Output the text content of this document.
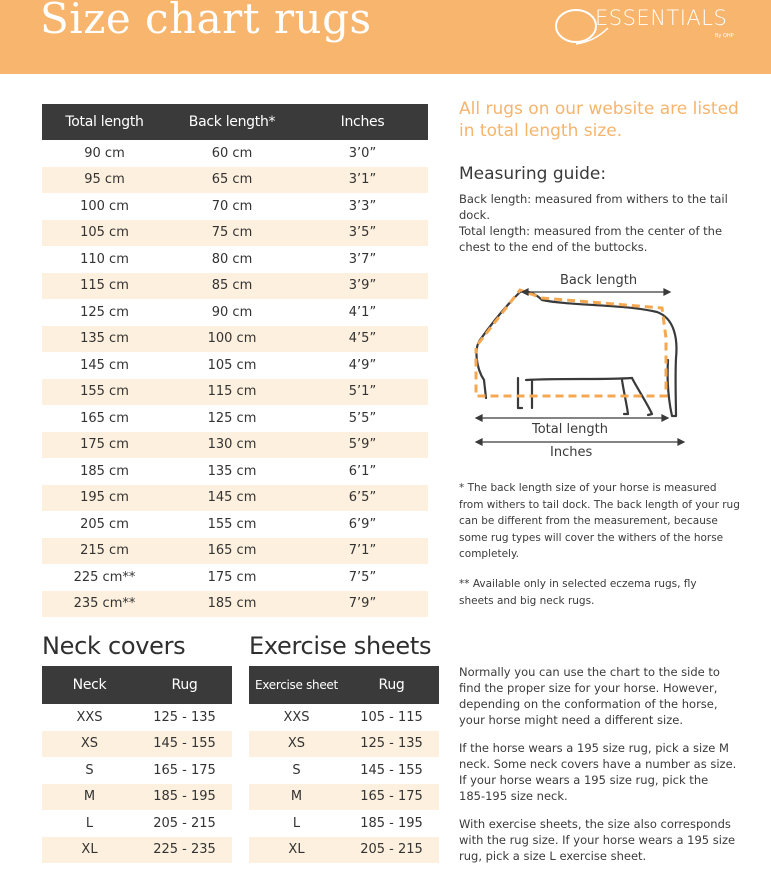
Size chart rugs	ESSENTIALS
By QHP
Total length	Back length*	Inches
90 cm	60 cm	3’0”
95 cm	65 cm	3’1”
100 cm	70 cm	3’3”
105 cm	75 cm	3’5”
110 cm	80 cm	3’7”
115 cm	85 cm	3’9”
125 cm	90 cm	4’1”
135 cm	100 cm	4’5”
145 cm	105 cm	4’9”
155 cm	115 cm	5’1”
165 cm	125 cm	5’5”
175 cm	130 cm	5’9”
185 cm	135 cm	6’1”
195 cm	145 cm	6’5”
205 cm	155 cm	6’9”
215 cm	165 cm	7’1”
225 cm**	175 cm	7’5”
235 cm**	185 cm	7’9”
All rugs on our website are listed in total length size.
Measuring guide:
Back length: measured from withers to the tail dock.
Total length: measured from the center of the chest to the end of the buttocks.
Back length
Total length
Inches
* The back length size of your horse is measured from withers to tail dock. The back length of your rug can be different from the measurement, because some rug types will cover the withers of the horse completely.
** Available only in selected eczema rugs, fly sheets and big neck rugs.
Normally you can use the chart to the side to find the proper size for your horse. However, depending on the conformation of the horse, your horse might need a different size.
If the horse wears a 195 size rug, pick a size M neck. Some neck covers have a number as size. If your horse wears a 195 size rug, pick the 185-195 size neck.
With exercise sheets, the size also corresponds with the rug size. If your horse wears a 195 size rug, pick a size L exercise sheet.
Neck covers
Neck	Rug
XXS	125 - 135
XS	145 - 155
S	165 - 175
M	185 - 195
L	205 - 215
XL	225 - 235
Exercise sheets
Exercise sheet	Rug
XXS	105 - 115
XS	125 - 135
S	145 - 155
M	165 - 175
L	185 - 195
XL	205 - 215
